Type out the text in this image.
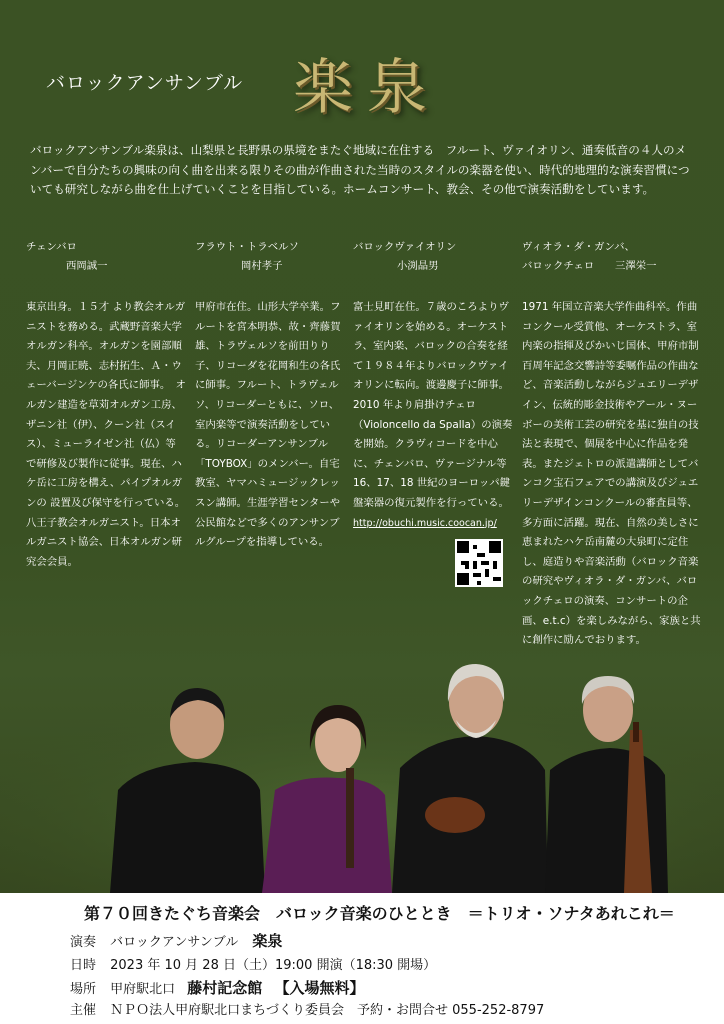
バロックアンサンブル 楽泉
バロックアンサンブル楽泉は、山梨県と長野県の県境をまたぐ地域に在住する　フルート、ヴァイオリン、通奏低音の４人のメンバーで自分たちの興味の向く曲を出来る限りその曲が作曲された当時のスタイルの楽器を使い、時代的地理的な演奏習慣についても研究しながら曲を仕上げていくことを目指している。ホームコンサート、教会、その他で演奏活動をしています。
チェンバロ
西岡誠一
東京出身。１５才 より教会オルガニストを務める。武蔵野音楽大学オルガン科卒。オルガンを園部順夫、月岡正暁、志村拓生、Ａ・ウェーバージンケの各氏に師事。　オルガン建造を草苅オルガン工房、ザニン社（伊）、クーン社（スイス）、ミューライゼン社（仏）等で研修及び製作に従事。現在、ハケ岳に工房を構え、パイプオルガンの 設置及び保守を行っている。八王子教会オルガニスト。日本オルガニスト協会、日本オルガン研究会会員。
フラウト・トラベルソ
岡村孝子
甲府市在住。山形大学卒業。フルートを宮本明恭、故・齊藤賀雄、トラヴェルソを前田りり子、リコーダを花岡和生の各氏に師事。フルート、トラヴェルソ、リコーダーともに、ソロ、室内楽等で演奏活動をしている。リコーダーアンサンブル「TOYBOX」のメンバー。自宅教室、ヤマハミュージックレッスン講師。生涯学習センターや公民館などで多くのアンサンブルグループを指導している。
バロックヴァイオリン
小渕晶男
富士見町在住。７歳のころよりヴァイオリンを始める。オーケストラ、室内楽、バロックの合奏を経て１９８４年よりバロックヴァイオリンに転向。渡邊慶子に師事。2010 年より肩掛けチェロ（Violoncello da Spalla）の演奏を開始。クラヴィコードを中心に、チェンバロ、ヴァージナル等 16、17、18 世紀のヨーロッパ鍵盤楽器の復元製作を行っている。
http://obuchi.music.coocan.jp/
ヴィオラ・ダ・ガンバ、
バロックチェロ　　 三澤栄一
1971 年国立音楽大学作曲科卒。作曲コンクール受賞他、オーケストラ、室内楽の指揮及びかいじ国体、甲府市制百周年記念交響詩等委嘱作品の作曲など、音楽活動しながらジュエリーデザイン、伝統的彫金技術やアール・ヌーボーの美術工芸の研究を基に独自の技法と表現で、個展を中心に作品を発表。またジェトロの派遣講師としてバンコク宝石フェアでの講演及びジュエリーデザインコンクールの審査員等、多方面に活躍。現在、自然の美しさに恵まれたハケ岳南麓の大泉町に定住し、庭造りや音楽活動（バロック音楽の研究やヴィオラ・ダ・ガンバ、バロックチェロの演奏、コンサートの企画、e.t.c）を楽しみながら、家族と共に創作に励んでおります。
第７０回きたぐち音楽会　バロック音楽のひととき　＝トリオ・ソナタあれこれ＝
演奏 バロックアンサンブル 楽泉
日時 2023 年 10 月 28 日（土）19:00 開演（18:30 開場）
場所 甲府駅北口 藤村記念館 【入場無料】
主催 ＮＰＯ法人甲府駅北口まちづくり委員会　予約・お問合せ 055-252-8797
